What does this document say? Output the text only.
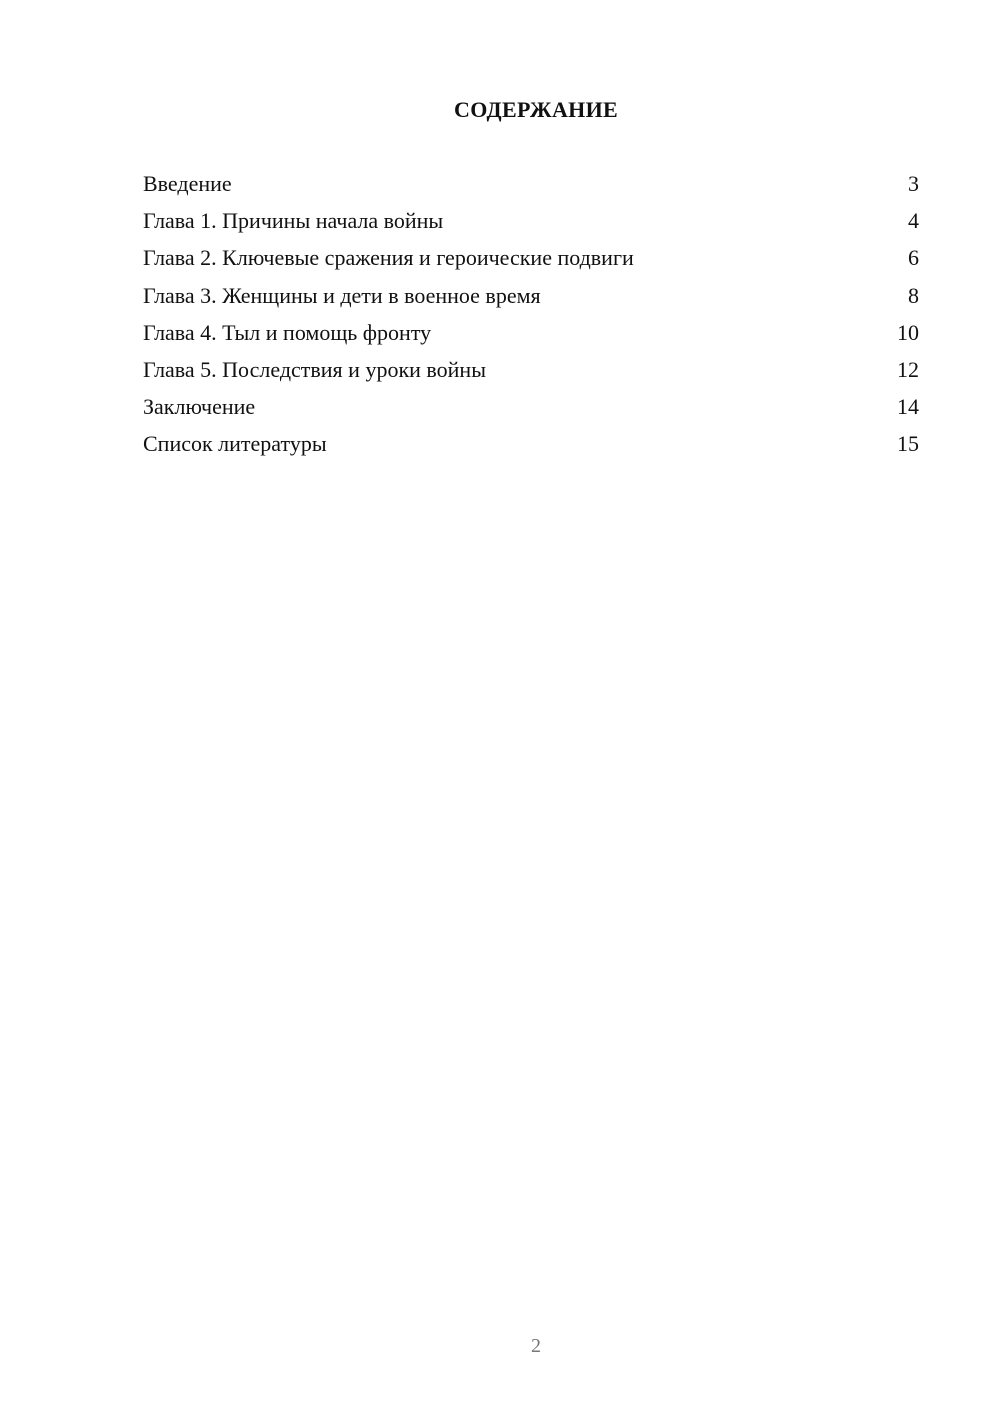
СОДЕРЖАНИЕ
Введение	3
Глава 1. Причины начала войны	4
Глава 2. Ключевые сражения и героические подвиги	6
Глава 3. Женщины и дети в военное время	8
Глава 4. Тыл и помощь фронту	10
Глава 5. Последствия и уроки войны	12
Заключение	14
Список литературы	15
2
